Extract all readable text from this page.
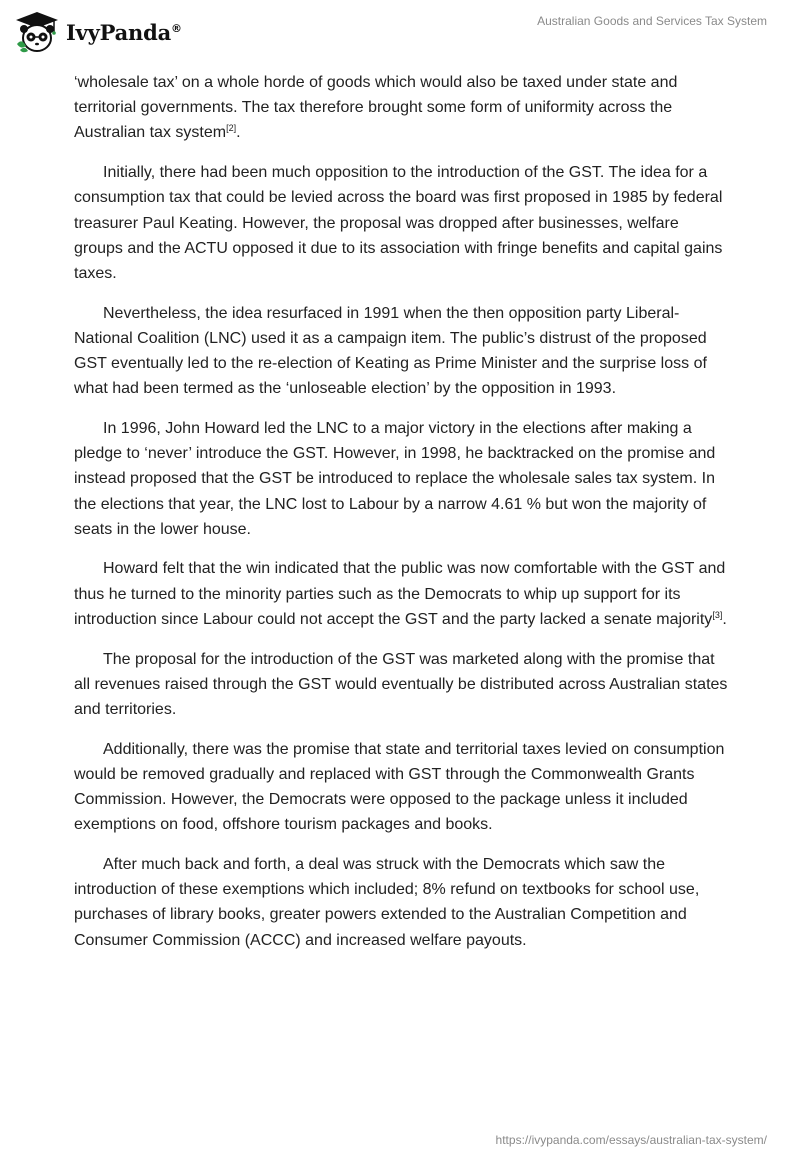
IvyPanda®	Australian Goods and Services Tax System

‘wholesale tax’ on a whole horde of goods which would also be taxed under state and territorial governments. The tax therefore brought some form of uniformity across the Australian tax system[2].

Initially, there had been much opposition to the introduction of the GST. The idea for a consumption tax that could be levied across the board was first proposed in 1985 by federal treasurer Paul Keating. However, the proposal was dropped after businesses, welfare groups and the ACTU opposed it due to its association with fringe benefits and capital gains taxes.

Nevertheless, the idea resurfaced in 1991 when the then opposition party Liberal-National Coalition (LNC) used it as a campaign item. The public’s distrust of the proposed GST eventually led to the re-election of Keating as Prime Minister and the surprise loss of what had been termed as the ‘unloseable election’ by the opposition in 1993.

In 1996, John Howard led the LNC to a major victory in the elections after making a pledge to ‘never’ introduce the GST. However, in 1998, he backtracked on the promise and instead proposed that the GST be introduced to replace the wholesale sales tax system. In the elections that year, the LNC lost to Labour by a narrow 4.61 % but won the majority of seats in the lower house.

Howard felt that the win indicated that the public was now comfortable with the GST and thus he turned to the minority parties such as the Democrats to whip up support for its introduction since Labour could not accept the GST and the party lacked a senate majority[3].

The proposal for the introduction of the GST was marketed along with the promise that all revenues raised through the GST would eventually be distributed across Australian states and territories.

Additionally, there was the promise that state and territorial taxes levied on consumption would be removed gradually and replaced with GST through the Commonwealth Grants Commission. However, the Democrats were opposed to the package unless it included exemptions on food, offshore tourism packages and books.

After much back and forth, a deal was struck with the Democrats which saw the introduction of these exemptions which included; 8% refund on textbooks for school use, purchases of library books, greater powers extended to the Australian Competition and Consumer Commission (ACCC) and increased welfare payouts.

https://ivypanda.com/essays/australian-tax-system/
